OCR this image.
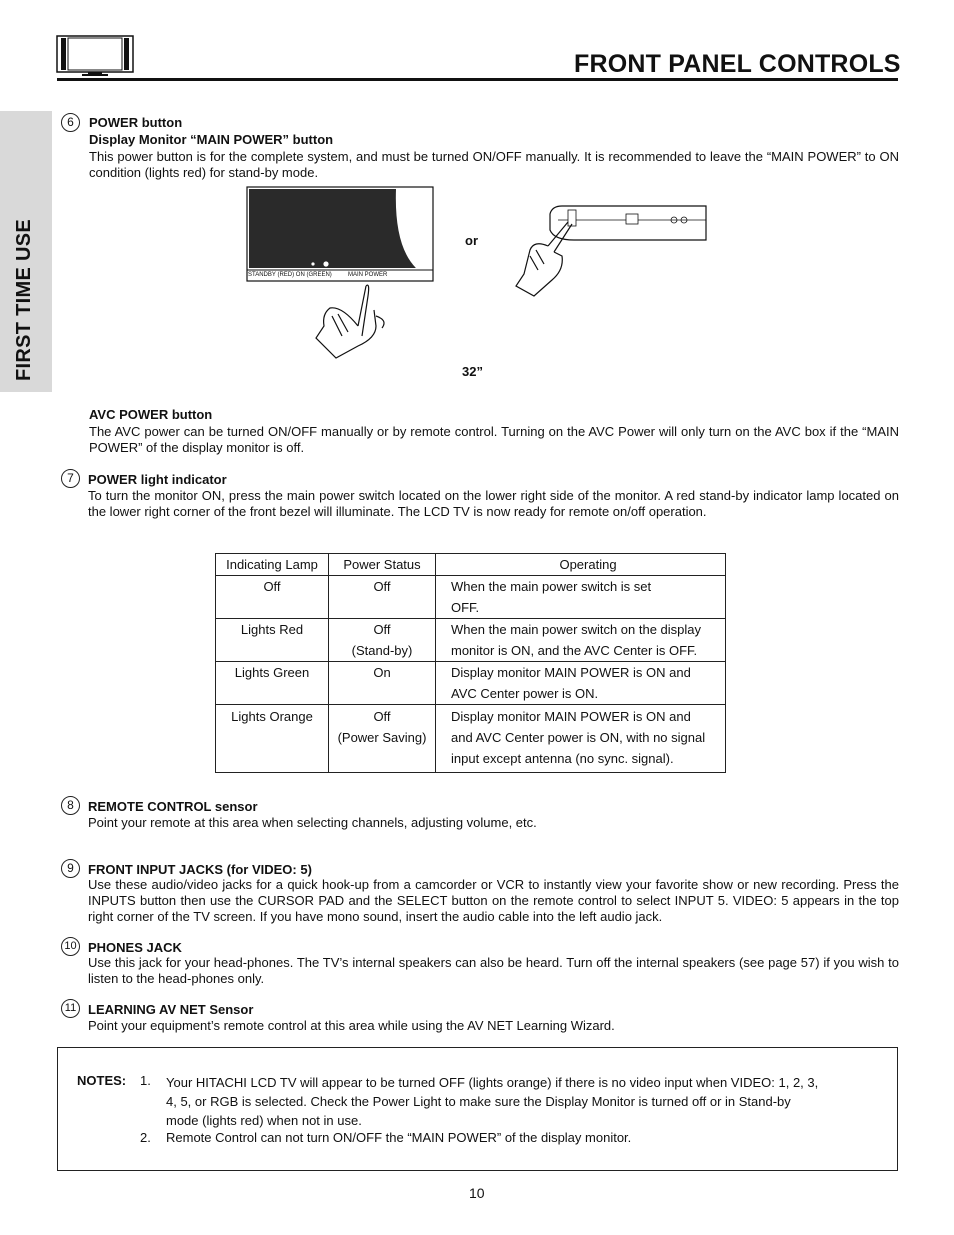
FRONT PANEL CONTROLS
FIRST TIME USE
6	POWER button
Display Monitor “MAIN POWER” button
This power button is for the complete system, and must be turned ON/OFF manually. It is recommended to leave the “MAIN POWER” to ON condition (lights red) for stand-by mode.
STANDBY (RED) ON (GREEN)	MAIN POWER
or
32”
AVC POWER button
The AVC power can be turned ON/OFF manually or by remote control. Turning on the AVC Power will only turn on the AVC box if the “MAIN POWER” of the display monitor is off.
7	POWER light indicator
To turn the monitor ON, press the main power switch located on the lower right side of the monitor. A red stand-by indicator lamp located on the lower right corner of the front bezel will illuminate. The LCD TV is now ready for remote on/off operation.
Indicating Lamp	Power Status	Operating
Off	Off	When the main power switch is set
		OFF.
Lights Red	Off	When the main power switch on the display
	(Stand-by)	monitor is ON, and the AVC Center is OFF.
Lights Green	On	Display monitor MAIN POWER is ON and
		AVC Center power is ON.
Lights Orange	Off	Display monitor MAIN POWER is ON and
	(Power Saving)	and AVC Center power is ON, with no signal
		input except antenna (no sync. signal).
8	REMOTE CONTROL sensor
Point your remote at this area when selecting channels, adjusting volume, etc.
9	FRONT INPUT JACKS (for VIDEO: 5)
Use these audio/video jacks for a quick hook-up from a camcorder or VCR to instantly view your favorite show or new recording. Press the INPUTS button then use the CURSOR PAD and the SELECT button on the remote control to select INPUT 5. VIDEO: 5 appears in the top right corner of the TV screen. If you have mono sound, insert the audio cable into the left audio jack.
10 PHONES JACK
Use this jack for your head-phones. The TV’s internal speakers can also be heard. Turn off the internal speakers (see page 57) if you wish to listen to the head-phones only.
11 LEARNING AV NET Sensor
Point your equipment’s remote control at this area while using the AV NET Learning Wizard.
NOTES: 1. Your HITACHI LCD TV will appear to be turned OFF (lights orange) if there is no video input when VIDEO: 1, 2, 3,
4, 5, or RGB is selected. Check the Power Light to make sure the Display Monitor is turned off or in Stand-by
mode (lights red) when not in use.
2. Remote Control can not turn ON/OFF the “MAIN POWER” of the display monitor.
10
